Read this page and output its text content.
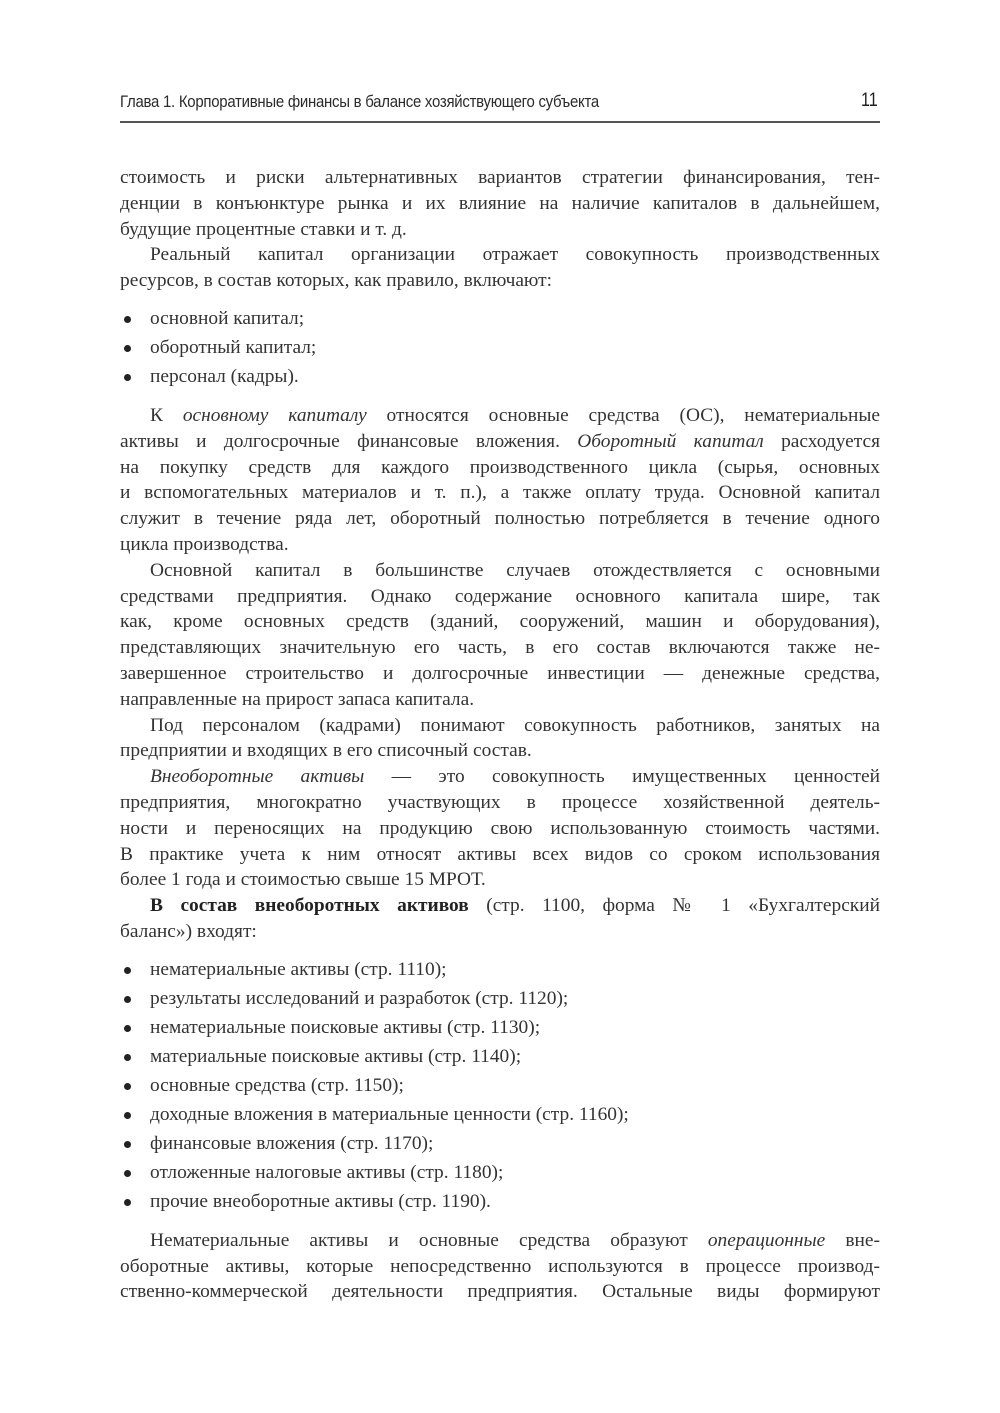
Глава 1. Корпоративные финансы в балансе хозяйствующего субъекта	11
стоимость и риски альтернативных вариантов стратегии финансирования, тен-
денции в конъюнктуре рынка и их влияние на наличие капиталов в дальнейшем,
будущие процентные ставки и т. д.
Реальный капитал организации отражает совокупность производственных
ресурсов, в состав которых, как правило, включают:
основной капитал;
оборотный капитал;
персонал (кадры).
К основному капиталу относятся основные средства (ОС), нематериальные
активы и долгосрочные финансовые вложения. Оборотный капитал расходуется
на покупку средств для каждого производственного цикла (сырья, основных
и вспомогательных материалов и т. п.), а также оплату труда. Основной капитал
служит в течение ряда лет, оборотный полностью потребляется в течение одного
цикла производства.
Основной капитал в большинстве случаев отождествляется с основными
средствами предприятия. Однако содержание основного капитала шире, так
как, кроме основных средств (зданий, сооружений, машин и оборудования),
представляющих значительную его часть, в его состав включаются также не-
завершенное строительство и долгосрочные инвестиции — денежные средства,
направленные на прирост запаса капитала.
Под персоналом (кадрами) понимают совокупность работников, занятых на
предприятии и входящих в его списочный состав.
Внеоборотные активы — это совокупность имущественных ценностей
предприятия, многократно участвующих в процессе хозяйственной деятель-
ности и переносящих на продукцию свою использованную стоимость частями.
В практике учета к ним относят активы всех видов со сроком использования
более 1 года и стоимостью свыше 15 МРОТ.
В состав внеоборотных активов (стр. 1100, форма № 1 «Бухгалтерский
баланс») входят:
нематериальные активы (стр. 1110);
результаты исследований и разработок (стр. 1120);
нематериальные поисковые активы (стр. 1130);
материальные поисковые активы (стр. 1140);
основные средства (стр. 1150);
доходные вложения в материальные ценности (стр. 1160);
финансовые вложения (стр. 1170);
отложенные налоговые активы (стр. 1180);
прочие внеоборотные активы (стр. 1190).
Нематериальные активы и основные средства образуют операционные вне-
оборотные активы, которые непосредственно используются в процессе производ-
ственно-коммерческой деятельности предприятия. Остальные виды формируют
